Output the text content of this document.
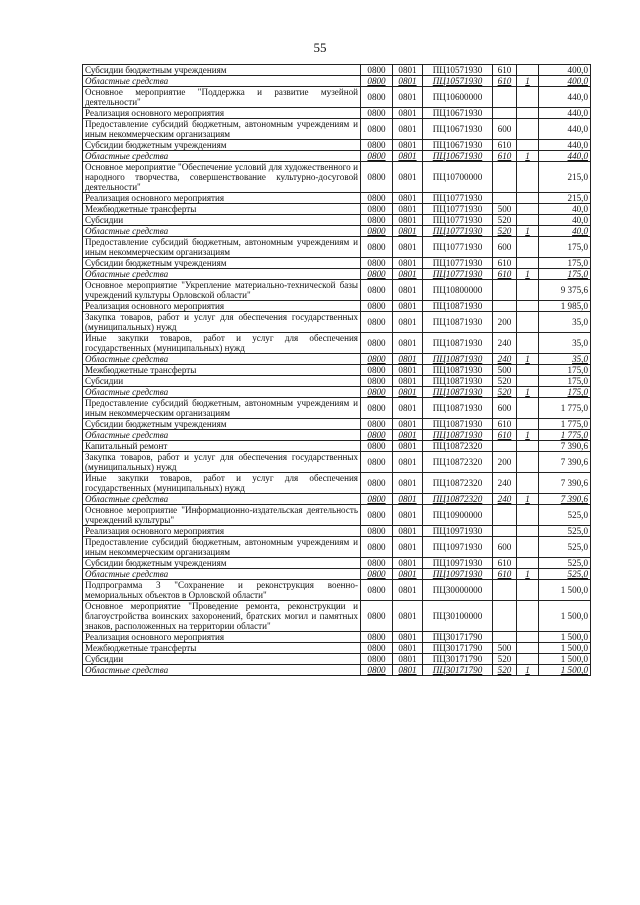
55
Субсидии бюджетным учреждениям	0800	0801	ПЦ10571930	610		400,0
Областные средства	0800	0801	ПЦ10571930	610	1	400,0
Основное мероприятие "Поддержка и развитие музейной деятельности"	0800	0801	ПЦ10600000			440,0
Реализация основного мероприятия	0800	0801	ПЦ10671930			440,0
Предоставление субсидий бюджетным, автономным учреждениям и иным некоммерческим организациям	0800	0801	ПЦ10671930	600		440,0
Субсидии бюджетным учреждениям	0800	0801	ПЦ10671930	610		440,0
Областные средства	0800	0801	ПЦ10671930	610	1	440,0
Основное мероприятие "Обеспечение условий для художественного и народного творчества, совершенствование культурно-досуговой деятельности"	0800	0801	ПЦ10700000			215,0
Реализация основного мероприятия	0800	0801	ПЦ10771930			215,0
Межбюджетные трансферты	0800	0801	ПЦ10771930	500		40,0
Субсидии	0800	0801	ПЦ10771930	520		40,0
Областные средства	0800	0801	ПЦ10771930	520	1	40,0
Предоставление субсидий бюджетным, автономным учреждениям и иным некоммерческим организациям	0800	0801	ПЦ10771930	600		175,0
Субсидии бюджетным учреждениям	0800	0801	ПЦ10771930	610		175,0
Областные средства	0800	0801	ПЦ10771930	610	1	175,0
Основное мероприятие "Укрепление материально-технической базы учреждений культуры Орловской области"	0800	0801	ПЦ10800000			9 375,6
Реализация основного мероприятия	0800	0801	ПЦ10871930			1 985,0
Закупка товаров, работ и услуг для обеспечения государственных (муниципальных) нужд	0800	0801	ПЦ10871930	200		35,0
Иные закупки товаров, работ и услуг для обеспечения государственных (муниципальных) нужд	0800	0801	ПЦ10871930	240		35,0
Областные средства	0800	0801	ПЦ10871930	240	1	35,0
Межбюджетные трансферты	0800	0801	ПЦ10871930	500		175,0
Субсидии	0800	0801	ПЦ10871930	520		175,0
Областные средства	0800	0801	ПЦ10871930	520	1	175,0
Предоставление субсидий бюджетным, автономным учреждениям и иным некоммерческим организациям	0800	0801	ПЦ10871930	600		1 775,0
Субсидии бюджетным учреждениям	0800	0801	ПЦ10871930	610		1 775,0
Областные средства	0800	0801	ПЦ10871930	610	1	1 775,0
Капитальный ремонт	0800	0801	ПЦ10872320			7 390,6
Закупка товаров, работ и услуг для обеспечения государственных (муниципальных) нужд	0800	0801	ПЦ10872320	200		7 390,6
Иные закупки товаров, работ и услуг для обеспечения государственных (муниципальных) нужд	0800	0801	ПЦ10872320	240		7 390,6
Областные средства	0800	0801	ПЦ10872320	240	1	7 390,6
Основное мероприятие "Информационно-издательская деятельность учреждений культуры"	0800	0801	ПЦ10900000			525,0
Реализация основного мероприятия	0800	0801	ПЦ10971930			525,0
Предоставление субсидий бюджетным, автономным учреждениям и иным некоммерческим организациям	0800	0801	ПЦ10971930	600		525,0
Субсидии бюджетным учреждениям	0800	0801	ПЦ10971930	610		525,0
Областные средства	0800	0801	ПЦ10971930	610	1	525,0
Подпрограмма 3 "Сохранение и реконструкция военно-мемориальных объектов в Орловской области"	0800	0801	ПЦ30000000			1 500,0
Основное мероприятие "Проведение ремонта, реконструкции и благоустройства воинских захоронений, братских могил и памятных знаков, расположенных на территории области"	0800	0801	ПЦ30100000			1 500,0
Реализация основного мероприятия	0800	0801	ПЦ30171790			1 500,0
Межбюджетные трансферты	0800	0801	ПЦ30171790	500		1 500,0
Субсидии	0800	0801	ПЦ30171790	520		1 500,0
Областные средства	0800	0801	ПЦ30171790	520	1	1 500,0
